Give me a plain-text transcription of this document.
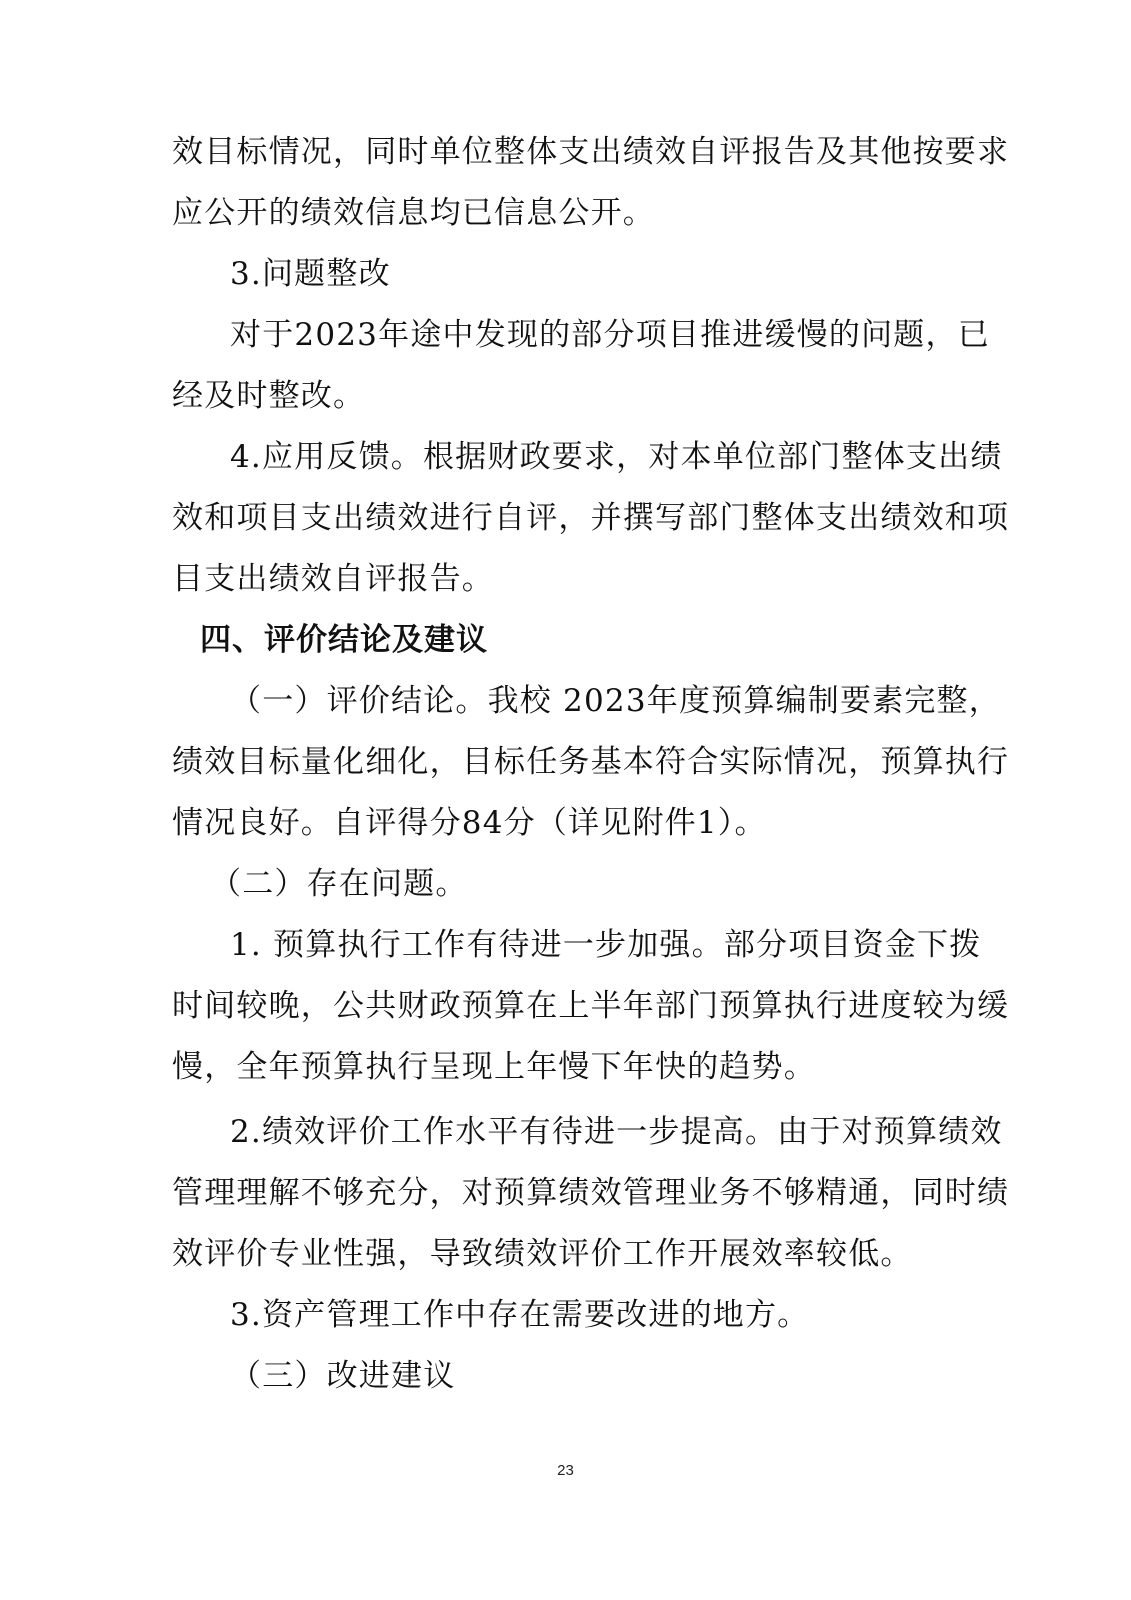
效目标情况，同时单位整体支出绩效自评报告及其他按要求
应公开的绩效信息均已信息公开。
3.问题整改
对于2023年途中发现的部分项目推进缓慢的问题，已
经及时整改。
4.应用反馈。根据财政要求，对本单位部门整体支出绩
效和项目支出绩效进行自评，并撰写部门整体支出绩效和项
目支出绩效自评报告。
四、评价结论及建议
（一）评价结论。我校 2023年度预算编制要素完整，
绩效目标量化细化，目标任务基本符合实际情况，预算执行
情况良好。自评得分84分（详见附件1）。
（二）存在问题。
1. 预算执行工作有待进一步加强。部分项目资金下拨
时间较晚，公共财政预算在上半年部门预算执行进度较为缓
慢，全年预算执行呈现上年慢下年快的趋势。
2.绩效评价工作水平有待进一步提高。由于对预算绩效
管理理解不够充分，对预算绩效管理业务不够精通，同时绩
效评价专业性强，导致绩效评价工作开展效率较低。
3.资产管理工作中存在需要改进的地方。
（三）改进建议
23
